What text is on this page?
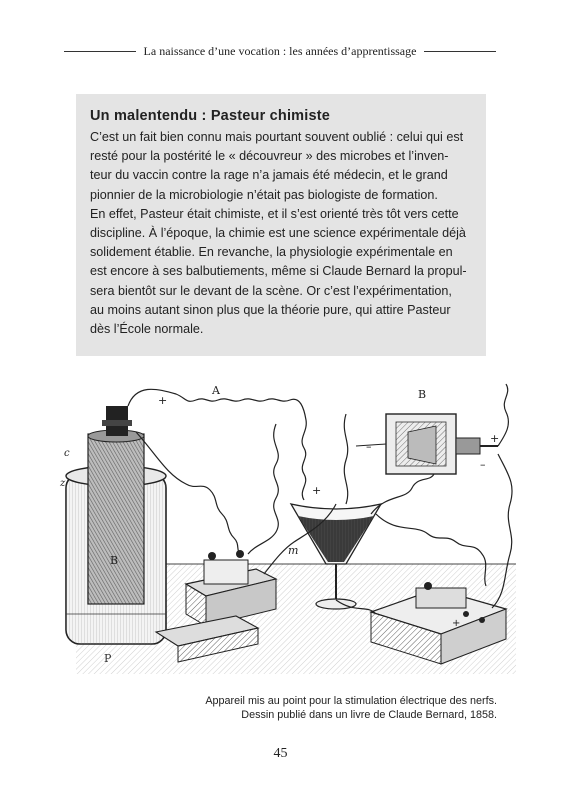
La naissance d’une vocation : les années d’apprentissage
Un malentendu : Pasteur chimiste
C’est un fait bien connu mais pourtant souvent oublié : celui qui est
resté pour la postérité le « découvreur » des microbes et l’inven-
teur du vaccin contre la rage n’a jamais été médecin, et le grand
pionnier de la microbiologie n’était pas biologiste de formation.
En effet, Pasteur était chimiste, et il s’est orienté très tôt vers cette
discipline. À l’époque, la chimie est une science expérimentale déjà
solidement établie. En revanche, la physiologie expérimentale en
est encore à ses balbutiements, même si Claude Bernard la propul-
sera bientôt sur le devant de la scène. Or c’est l’expérimentation,
au moins autant sinon plus que la théorie pure, qui attire Pasteur
dès l’École normale.
A	B
B
c
z
m
+
+
+
+
–
–
P
Appareil mis au point pour la stimulation électrique des nerfs.
Dessin publié dans un livre de Claude Bernard, 1858.
45
